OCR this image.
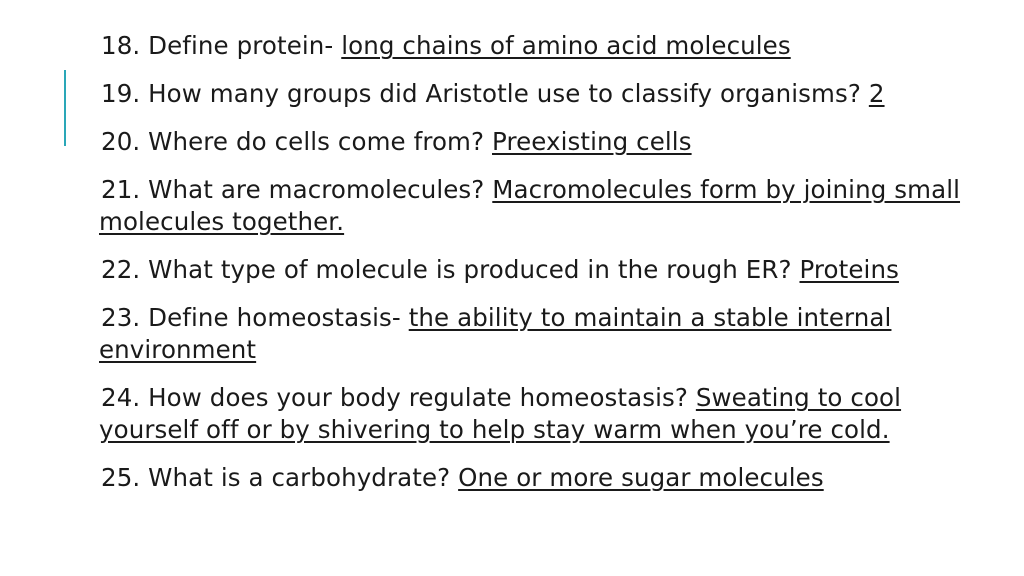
18. Define protein- long chains of amino acid molecules
19. How many groups did Aristotle use to classify organisms? 2
20. Where do cells come from? Preexisting cells
21. What are macromolecules? Macromolecules form by joining small molecules together.
22. What type of molecule is produced in the rough ER? Proteins
23. Define homeostasis- the ability to maintain a stable internal environment
24. How does your body regulate homeostasis? Sweating to cool yourself off or by shivering to help stay warm when you’re cold.
25. What is a carbohydrate? One or more sugar molecules
